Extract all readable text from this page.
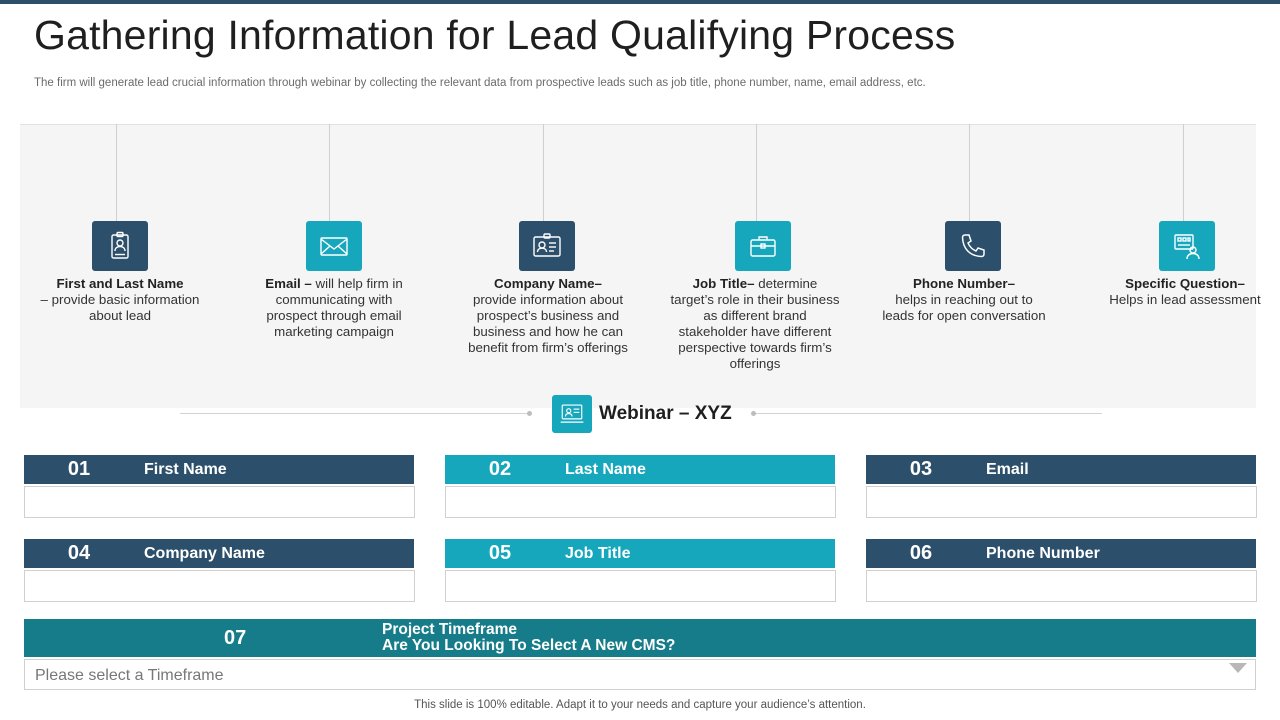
Gathering Information for Lead Qualifying Process
The firm will generate lead crucial information through webinar by collecting the relevant data from prospective leads such as job title, phone number, name, email address, etc.
First and Last Name
– provide basic information about lead
Email – will help firm in communicating with prospect through email marketing campaign
Company Name–
provide information about prospect’s business and business and how he can benefit from firm’s offerings
Job Title– determine target’s role in their business as different brand stakeholder have different perspective towards firm’s offerings
Phone Number–
helps in reaching out to leads for open conversation
Specific Question–
Helps in lead assessment
Webinar – XYZ
01	First Name	02	Last Name	03	Email
04	Company Name	05	Job Title	06	Phone Number
07	Project Timeframe
Are You Looking To Select A New CMS?
Please select a Timeframe
This slide is 100% editable. Adapt it to your needs and capture your audience’s attention.
